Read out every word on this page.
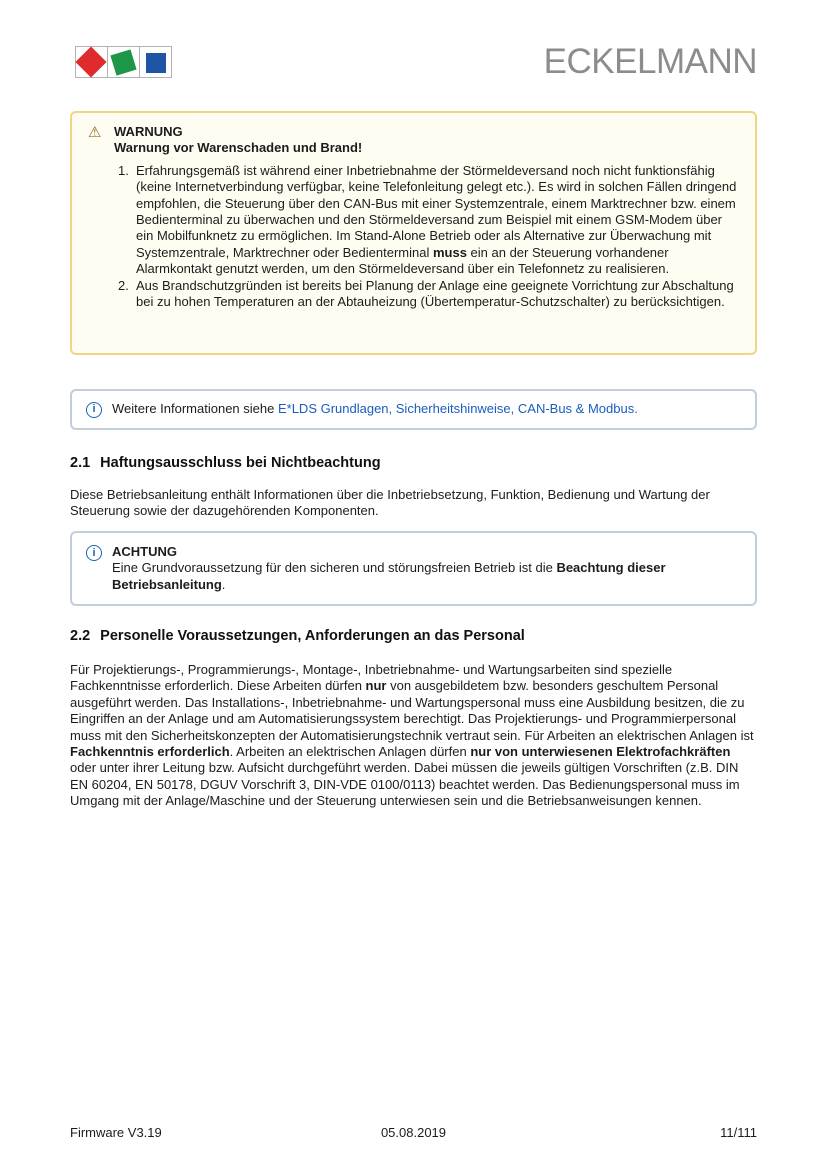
ECKELMANN
⚠ WARNUNG
Warnung vor Warenschaden und Brand!
1. Erfahrungsgemäß ist während einer Inbetriebnahme der Störmeldeversand noch nicht funktionsfähig (keine Internetverbindung verfügbar, keine Telefonleitung gelegt etc.). Es wird in solchen Fällen dringend empfohlen, die Steuerung über den CAN-Bus mit einer Systemzentrale, einem Marktrechner bzw. einem Bedienterminal zu überwachen und den Störmeldeversand zum Beispiel mit einem GSM-Modem über ein Mobilfunknetz zu ermöglichen. Im Stand-Alone Betrieb oder als Alternative zur Überwachung mit Systemzentrale, Marktrechner oder Bedienterminal muss ein an der Steuerung vorhandener Alarmkontakt genutzt werden, um den Störmeldeversand über ein Telefonnetz zu realisieren.
2. Aus Brandschutzgründen ist bereits bei Planung der Anlage eine geeignete Vorrichtung zur Abschaltung bei zu hohen Temperaturen an der Abtauheizung (Übertemperatur-Schutzschalter) zu berücksichtigen.
i	Weitere Informationen siehe E*LDS Grundlagen, Sicherheitshinweise, CAN-Bus & Modbus.

2.1 Haftungsausschluss bei Nichtbeachtung

Diese Betriebsanleitung enthält Informationen über die Inbetriebsetzung, Funktion, Bedienung und Wartung der Steuerung sowie der dazugehörenden Komponenten.

i	ACHTUNG
Eine Grundvoraussetzung für den sicheren und störungsfreien Betrieb ist die Beachtung dieser Betriebsanleitung.
2.2 Personelle Voraussetzungen, Anforderungen an das Personal

Für Projektierungs-, Programmierungs-, Montage-, Inbetriebnahme- und Wartungsarbeiten sind spezielle Fachkenntnisse erforderlich. Diese Arbeiten dürfen nur von ausgebildetem bzw. besonders geschultem Personal ausgeführt werden. Das Installations-, Inbetriebnahme- und Wartungspersonal muss eine Ausbildung besitzen, die zu Eingriffen an der Anlage und am Automatisierungssystem berechtigt. Das Projektierungs- und Programmierpersonal muss mit den Sicherheitskonzepten der Automatisierungstechnik vertraut sein. Für Arbeiten an elektrischen Anlagen ist Fachkenntnis erforderlich. Arbeiten an elektrischen Anlagen dürfen nur von unterwiesenen Elektrofachkräften oder unter ihrer Leitung bzw. Aufsicht durchgeführt werden. Dabei müssen die jeweils gültigen Vorschriften (z.B. DIN EN 60204, EN 50178, DGUV Vorschrift 3, DIN-VDE 0100/0113) beachtet werden. Das Bedienungspersonal muss im Umgang mit der Anlage/Maschine und der Steuerung unterwiesen sein und die Betriebsanweisungen kennen.

Firmware V3.19	05.08.2019	11/111
